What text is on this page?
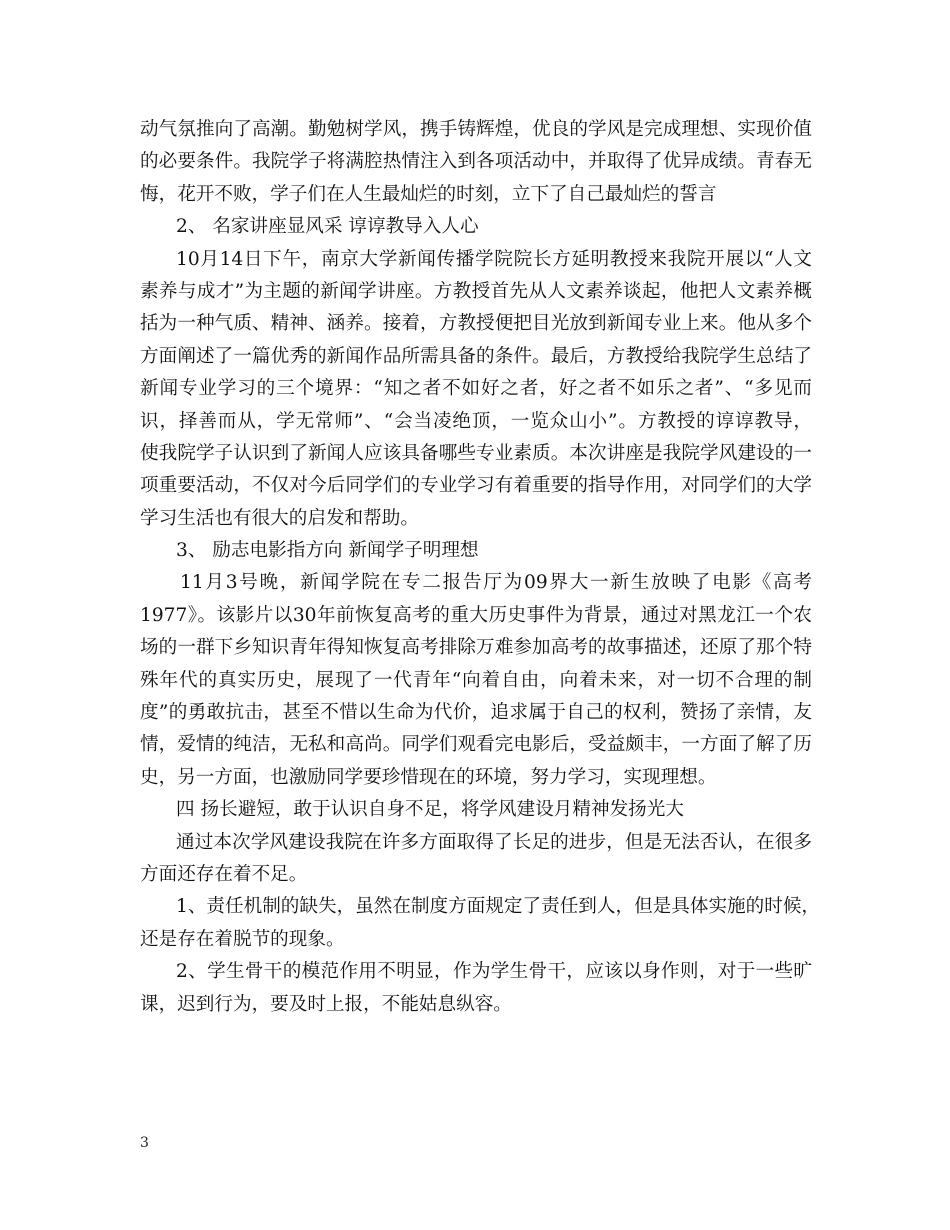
动气氛推向了高潮。勤勉树学风，携手铸辉煌，优良的学风是完成理想、实现价值
的必要条件。我院学子将满腔热情注入到各项活动中，并取得了优异成绩。青春无
悔，花开不败，学子们在人生最灿烂的时刻，立下了自己最灿烂的誓言
2、 名家讲座显风采 谆谆教导入人心
10月14日下午，南京大学新闻传播学院院长方延明教授来我院开展以“人文
素养与成才”为主题的新闻学讲座。方教授首先从人文素养谈起，他把人文素养概
括为一种气质、精神、涵养。接着，方教授便把目光放到新闻专业上来。他从多个
方面阐述了一篇优秀的新闻作品所需具备的条件。最后，方教授给我院学生总结了
新闻专业学习的三个境界：“知之者不如好之者，好之者不如乐之者”、“多见而
识，择善而从，学无常师”、“会当凌绝顶，一览众山小”。方教授的谆谆教导，
使我院学子认识到了新闻人应该具备哪些专业素质。本次讲座是我院学风建设的一
项重要活动，不仅对今后同学们的专业学习有着重要的指导作用，对同学们的大学
学习生活也有很大的启发和帮助。
3、 励志电影指方向 新闻学子明理想
11月3号晚，新闻学院在专二报告厅为09界大一新生放映了电影《高考
1977》。该影片以30年前恢复高考的重大历史事件为背景，通过对黑龙江一个农
场的一群下乡知识青年得知恢复高考排除万难参加高考的故事描述，还原了那个特
殊年代的真实历史，展现了一代青年“向着自由，向着未来，对一切不合理的制
度”的勇敢抗击，甚至不惜以生命为代价，追求属于自己的权利，赞扬了亲情，友
情，爱情的纯洁，无私和高尚。同学们观看完电影后，受益颇丰，一方面了解了历
史，另一方面，也激励同学要珍惜现在的环境，努力学习，实现理想。
四 扬长避短，敢于认识自身不足，将学风建设月精神发扬光大
通过本次学风建设我院在许多方面取得了长足的进步，但是无法否认，在很多
方面还存在着不足。
1、责任机制的缺失，虽然在制度方面规定了责任到人，但是具体实施的时候，
还是存在着脱节的现象。
2、学生骨干的模范作用不明显，作为学生骨干，应该以身作则，对于一些旷
课，迟到行为，要及时上报，不能姑息纵容。
3
